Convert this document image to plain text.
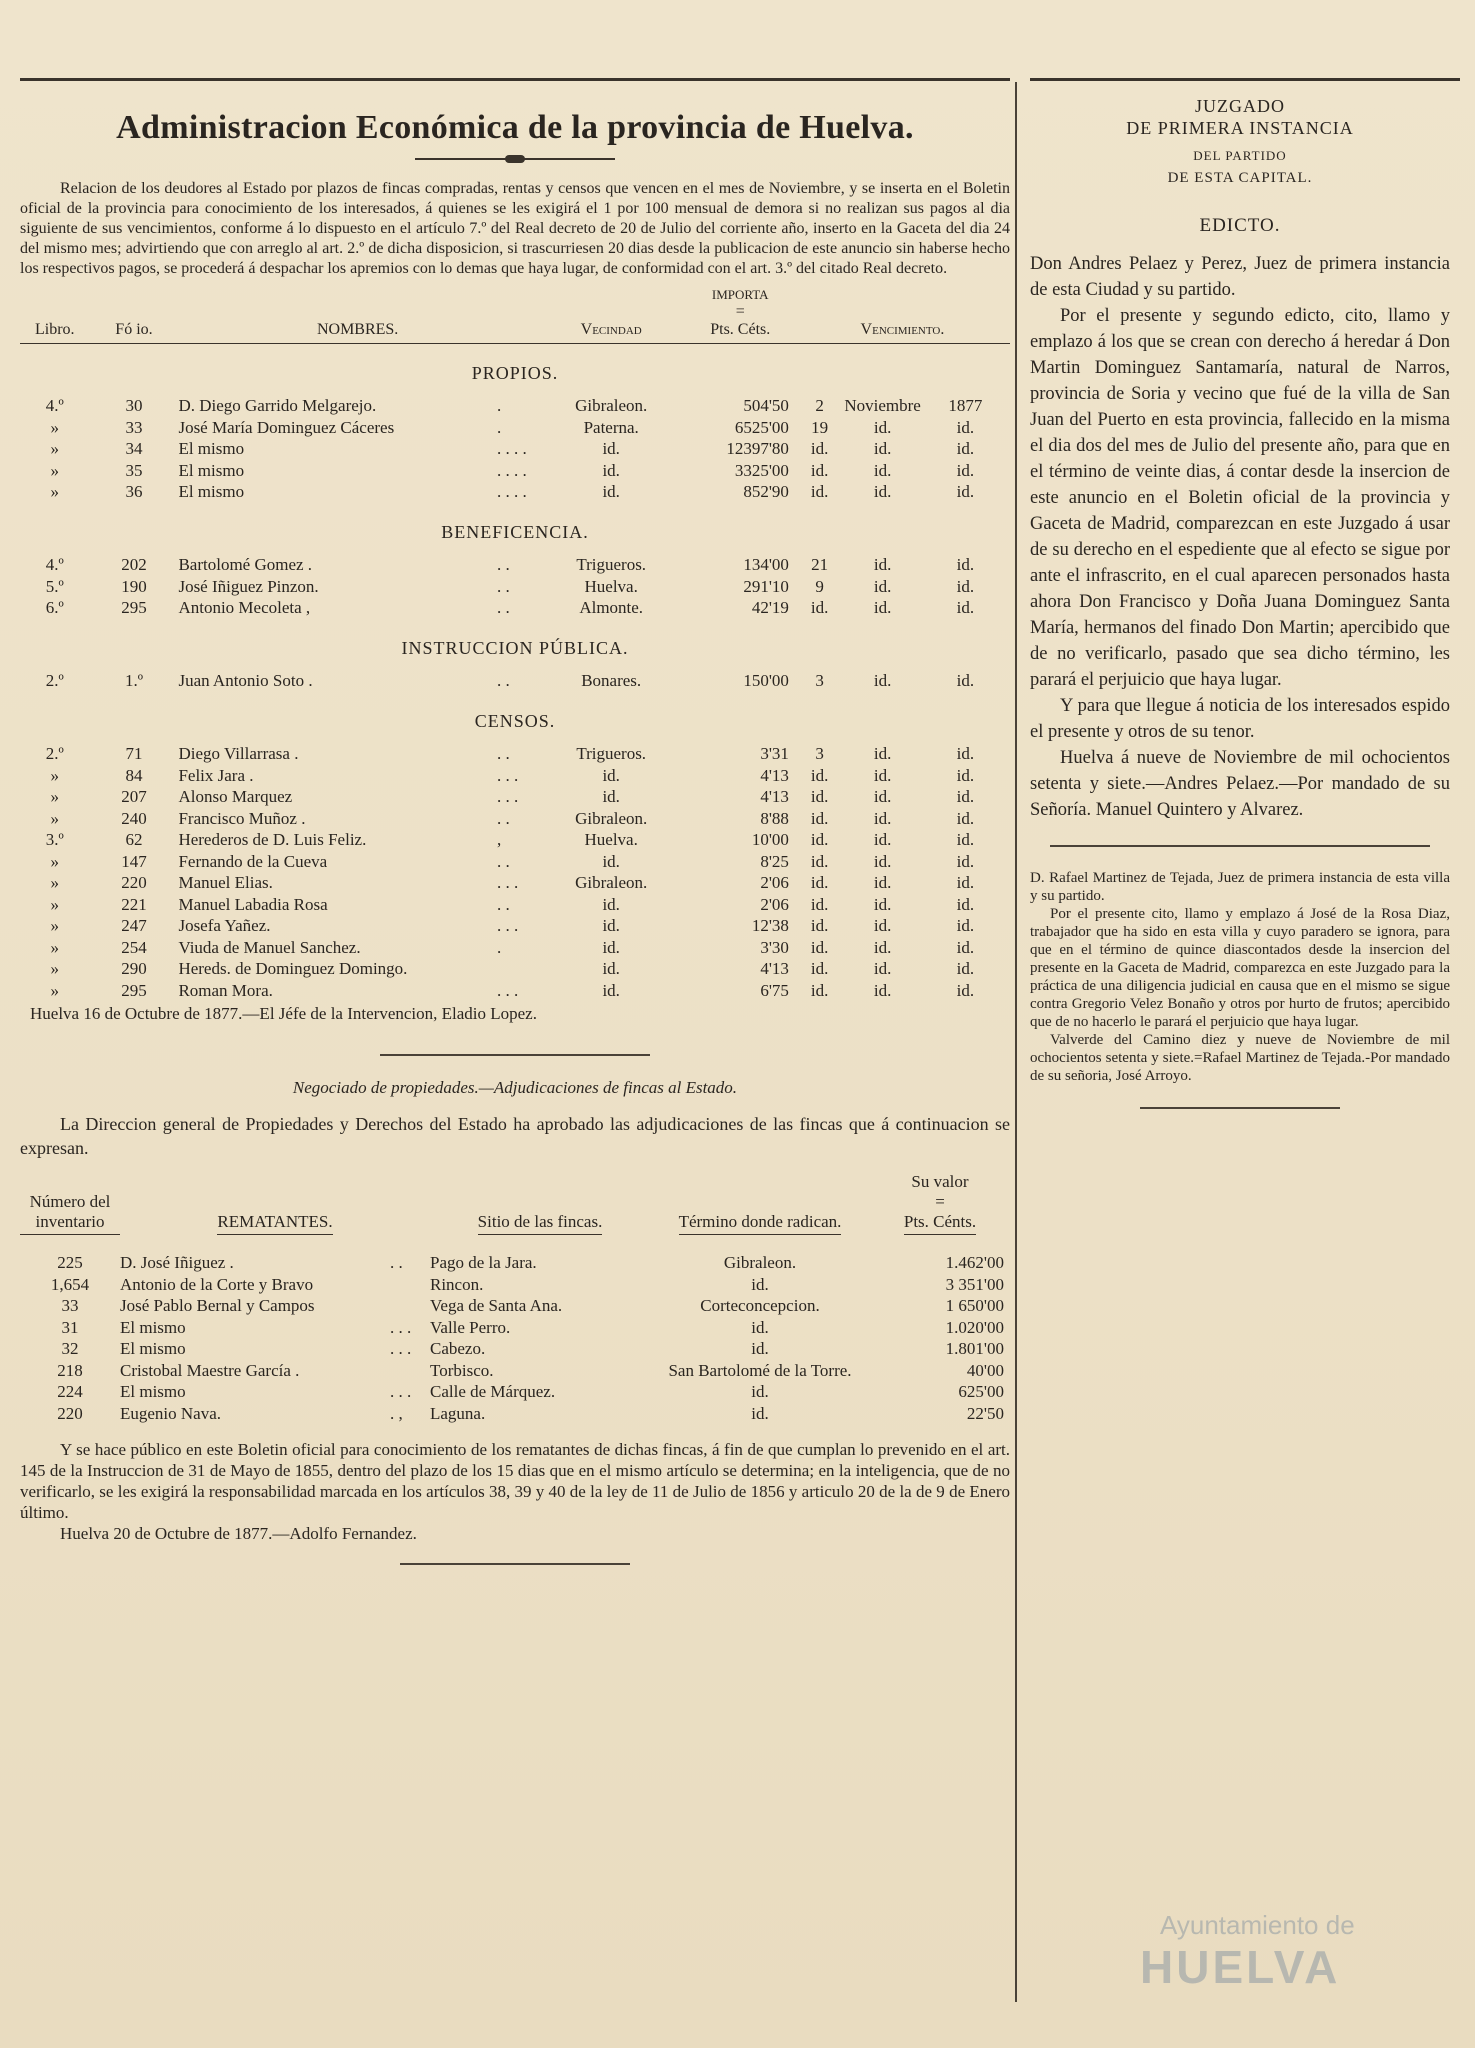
Administracion Económica de la provincia de Huelva.

Relacion de los deudores al Estado por plazos de fincas compradas, rentas y censos que vencen en el mes de Noviembre, y se inserta en el Boletin oficial de la provincia para conocimiento de los interesados, á quienes se les exigirá el 1 por 100 mensual de demora si no realizan sus pagos al dia siguiente de sus vencimientos, conforme á lo dispuesto en el artículo 7.º del Real decreto de 20 de Julio del corriente año, inserto en la Gaceta del dia 24 del mismo mes; advirtiendo que con arreglo al art. 2.º de dicha disposicion, si trascurriesen 20 dias desde la publicacion de este anuncio sin haberse hecho los respectivos pagos, se procederá á despachar los apremios con lo demas que haya lugar, de conformidad con el art. 3.º del citado Real decreto.

Libro.	Fó io.	NOMBRES.		Vecindad	IMPORTA
=
Pts. Céts.	Vencimiento.		
PROPIOS.								
4.º	30	D. Diego Garrido Melgarejo.	.	Gibraleon.	504'50	2	Noviembre	1877
»	33	José María Dominguez Cáceres	.	Paterna.	6525'00	19	id.	id.
»	34	El mismo	. . . .	id.	12397'80	id.	id.	id.
»	35	El mismo	. . . .	id.	3325'00	id.	id.	id.
»	36	El mismo	. . . .	id.	852'90	id.	id.	id.
BENEFICENCIA.								
4.º	202	Bartolomé Gomez .	. .	Trigueros.	134'00	21	id.	id.
5.º	190	José Iñiguez Pinzon.	. .	Huelva.	291'10	9	id.	id.
6.º	295	Antonio Mecoleta ,	. .	Almonte.	42'19	id.	id.	id.
INSTRUCCION PÚBLICA.								
2.º	1.º	Juan Antonio Soto .	. .	Bonares.	150'00	3	id.	id.
CENSOS.								
2.º	71	Diego Villarrasa .	. .	Trigueros.	3'31	3	id.	id.
»	84	Felix Jara .	. . .	id.	4'13	id.	id.	id.
»	207	Alonso Marquez	. . .	id.	4'13	id.	id.	id.
»	240	Francisco Muñoz .	. .	Gibraleon.	8'88	id.	id.	id.
3.º	62	Herederos de D. Luis Feliz.	,	Huelva.	10'00	id.	id.	id.
»	147	Fernando de la Cueva	. .	id.	8'25	id.	id.	id.
»	220	Manuel Elias.	. . .	Gibraleon.	2'06	id.	id.	id.
»	221	Manuel Labadia Rosa	. .	id.	2'06	id.	id.	id.
»	247	Josefa Yañez.	. . .	id.	12'38	id.	id.	id.
»	254	Viuda de Manuel Sanchez.	.	id.	3'30	id.	id.	id.
»	290	Hereds. de Dominguez Domingo.		id.	4'13	id.	id.	id.
»	295	Roman Mora.	. . .	id.	6'75	id.	id.	id.
Huelva 16 de Octubre de 1877.—El Jéfe de la Intervencion, Eladio Lopez.
Negociado de propiedades.—Adjudicaciones de fincas al Estado.

La Direccion general de Propiedades y Derechos del Estado ha aprobado las adjudicaciones de las fincas que á continuacion se expresan.

Número del inventario	REMATANTES.		Sitio de las fincas.	Término donde radican.	Su valor
=
Pts. Cénts.

225	D. José Iñiguez .	. .	Pago de la Jara.	Gibraleon.	1.462'00
1,654	Antonio de la Corte y Bravo		Rincon.	id.	3 351'00
33	José Pablo Bernal y Campos		Vega de Santa Ana.	Corteconcepcion.	1 650'00
31	El mismo	. . .	Valle Perro.	id.	1.020'00
32	El mismo	. . .	Cabezo.	id.	1.801'00
218	Cristobal Maestre García .		Torbisco.	San Bartolomé de la Torre.	40'00
224	El mismo	. . .	Calle de Márquez.	id.	625'00
220	Eugenio Nava.	. ,	Laguna.	id.	22'50

Y se hace público en este Boletin oficial para conocimiento de los rematantes de dichas fincas, á fin de que cumplan lo prevenido en el art. 145 de la Instruccion de 31 de Mayo de 1855, dentro del plazo de los 15 dias que en el mismo artículo se determina; en la inteligencia, que de no verificarlo, se les exigirá la responsabilidad marcada en los artículos 38, 39 y 40 de la ley de 11 de Julio de 1856 y articulo 20 de la de 9 de Enero último.

Huelva 20 de Octubre de 1877.—Adolfo Fernandez.
JUZGADO
DE PRIMERA INSTANCIA
DEL PARTIDO
DE ESTA CAPITAL.
EDICTO.

Don Andres Pelaez y Perez, Juez de primera instancia de esta Ciudad y su partido.

Por el presente y segundo edicto, cito, llamo y emplazo á los que se crean con derecho á heredar á Don Martin Dominguez Santamaría, natural de Narros, provincia de Soria y vecino que fué de la villa de San Juan del Puerto en esta provincia, fallecido en la misma el dia dos del mes de Julio del presente año, para que en el término de veinte dias, á contar desde la insercion de este anuncio en el Boletin oficial de la provincia y Gaceta de Madrid, comparezcan en este Juzgado á usar de su derecho en el espediente que al efecto se sigue por ante el infrascrito, en el cual aparecen personados hasta ahora Don Francisco y Doña Juana Dominguez Santa María, hermanos del finado Don Martin; apercibido que de no verificarlo, pasado que sea dicho término, les parará el perjuicio que haya lugar.

Y para que llegue á noticia de los interesados espido el presente y otros de su tenor.

Huelva á nueve de Noviembre de mil ochocientos setenta y siete.—Andres Pelaez.—Por mandado de su Señoría. Manuel Quintero y Alvarez.

D. Rafael Martinez de Tejada, Juez de primera instancia de esta villa y su partido.

Por el presente cito, llamo y emplazo á José de la Rosa Diaz, trabajador que ha sido en esta villa y cuyo paradero se ignora, para que en el término de quince diascontados desde la insercion del presente en la Gaceta de Madrid, comparezca en este Juzgado para la práctica de una diligencia judicial en causa que en el mismo se sigue contra Gregorio Velez Bonaño y otros por hurto de frutos; apercibido que de no hacerlo le parará el perjuicio que haya lugar.

Valverde del Camino diez y nueve de Noviembre de mil ochocientos setenta y siete.=Rafael Martinez de Tejada.-Por mandado de su señoria, José Arroyo.

Ayuntamiento de
HUELVA
